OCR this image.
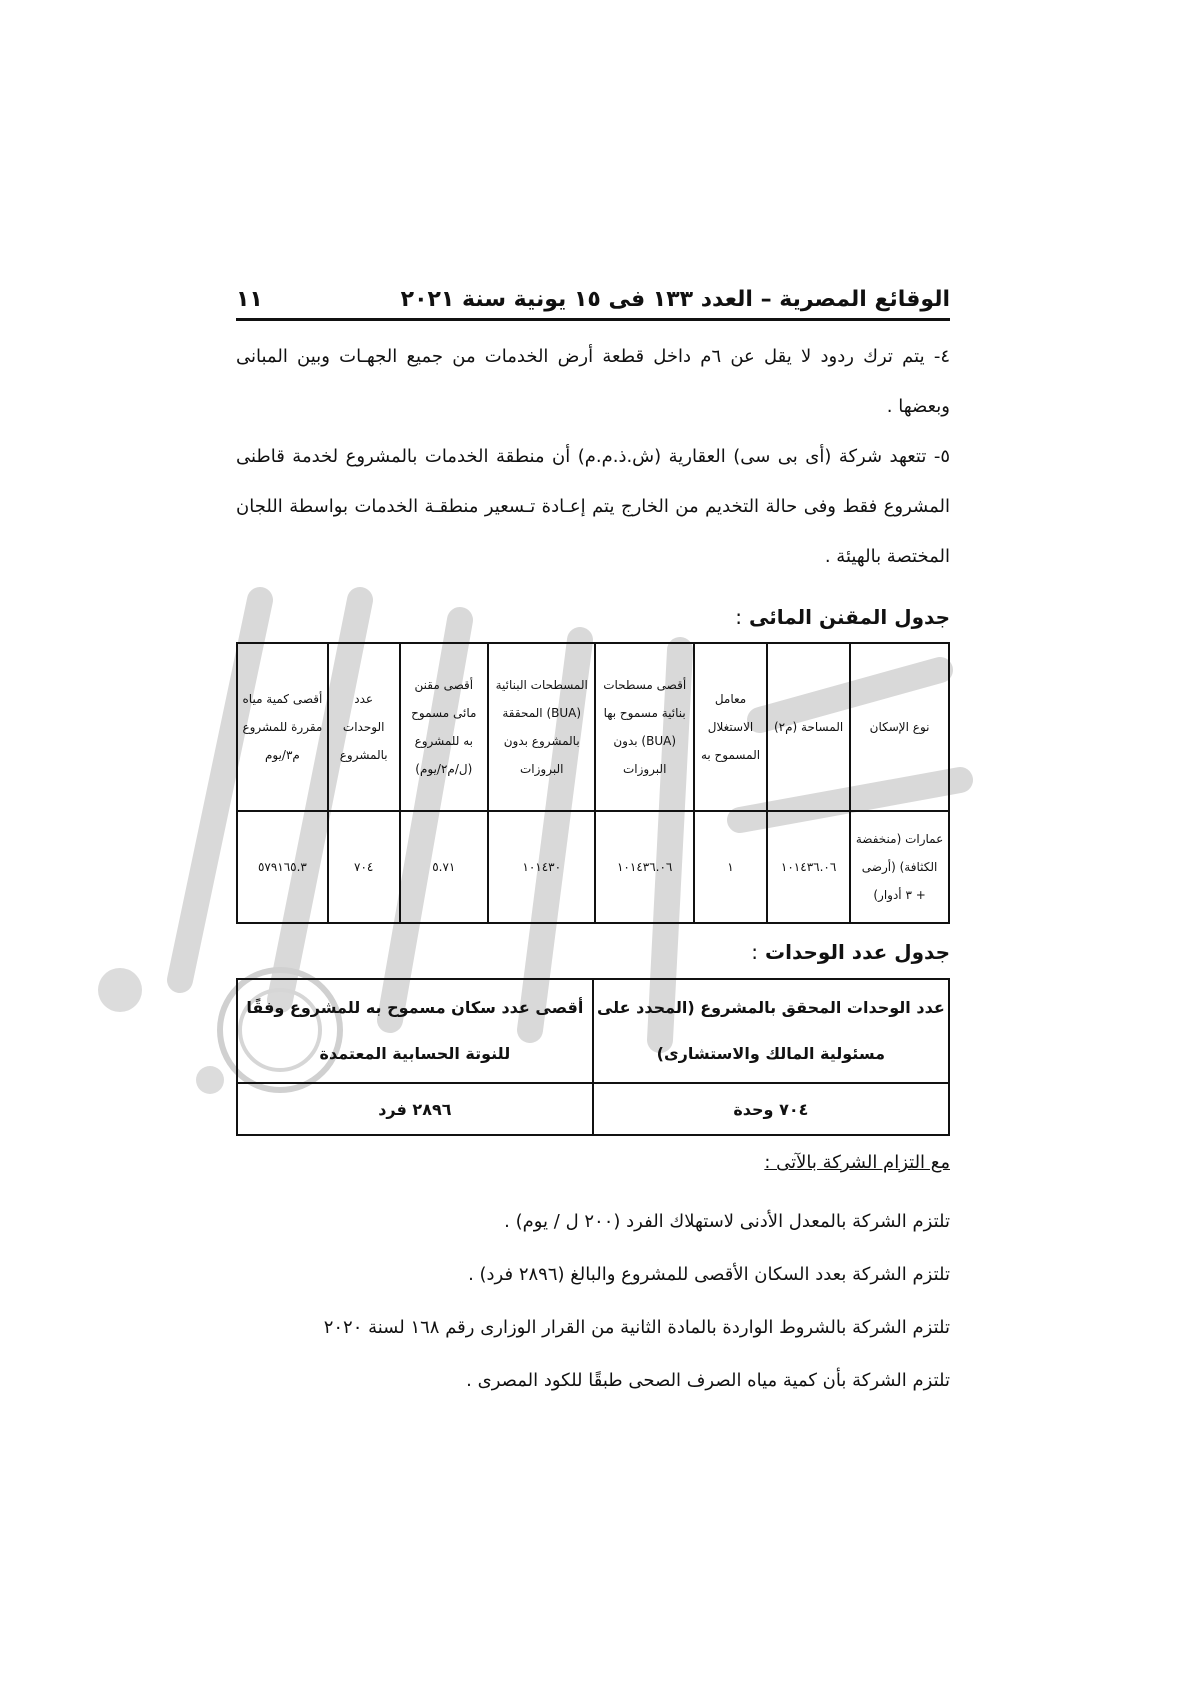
الوقائع المصرية – العدد ١٣٣ فى ١٥ يونية سنة ٢٠٢١
١١

٤- يتم ترك ردود لا يقل عن ٦م داخل قطعة أرض الخدمات من جميع الجهـات وبين المبانى وبعضها .

٥- تتعهد شركة (أى بى سى) العقارية (ش.ذ.م.م) أن منطقة الخدمات بالمشروع لخدمة قاطنى المشروع فقط وفى حالة التخديم من الخارج يتم إعـادة تـسعير منطقـة الخدمات بواسطة اللجان المختصة بالهيئة .

جدول المقنن المائى :
نوع الإسكان	المساحة (م٢)	معامل الاستغلال المسموح به	أقصى مسطحات بنائية مسموح بها (BUA) بدون البروزات	المسطحات البنائية (BUA) المحققة بالمشروع بدون البروزات	أقصى مقنن مائى مسموح به للمشروع (ل/م٢/يوم)	عدد الوحدات بالمشروع	أقصى كمية مياه مقررة للمشروع م٣/يوم
عمارات (منخفضة الكثافة) (أرضى + ٣ أدوار)	١٠١٤٣٦.٠٦	١	١٠١٤٣٦.٠٦	١٠١٤٣٠	٥.٧١	٧٠٤	٥٧٩١٦٥.٣
جدول عدد الوحدات :
عدد الوحدات المحقق بالمشروع (المحدد على مسئولية المالك والاستشارى)	أقصى عدد سكان مسموح به للمشروع وفقًا للنوتة الحسابية المعتمدة
٧٠٤ وحدة	٢٨٩٦ فرد
مع التزام الشركة بالآتى :
تلتزم الشركة بالمعدل الأدنى لاستهلاك الفرد (٢٠٠ ل / يوم) .
تلتزم الشركة بعدد السكان الأقصى للمشروع والبالغ (٢٨٩٦ فرد) .
تلتزم الشركة بالشروط الواردة بالمادة الثانية من القرار الوزارى رقم ١٦٨ لسنة ٢٠٢٠
تلتزم الشركة بأن كمية مياه الصرف الصحى طبقًا للكود المصرى .
